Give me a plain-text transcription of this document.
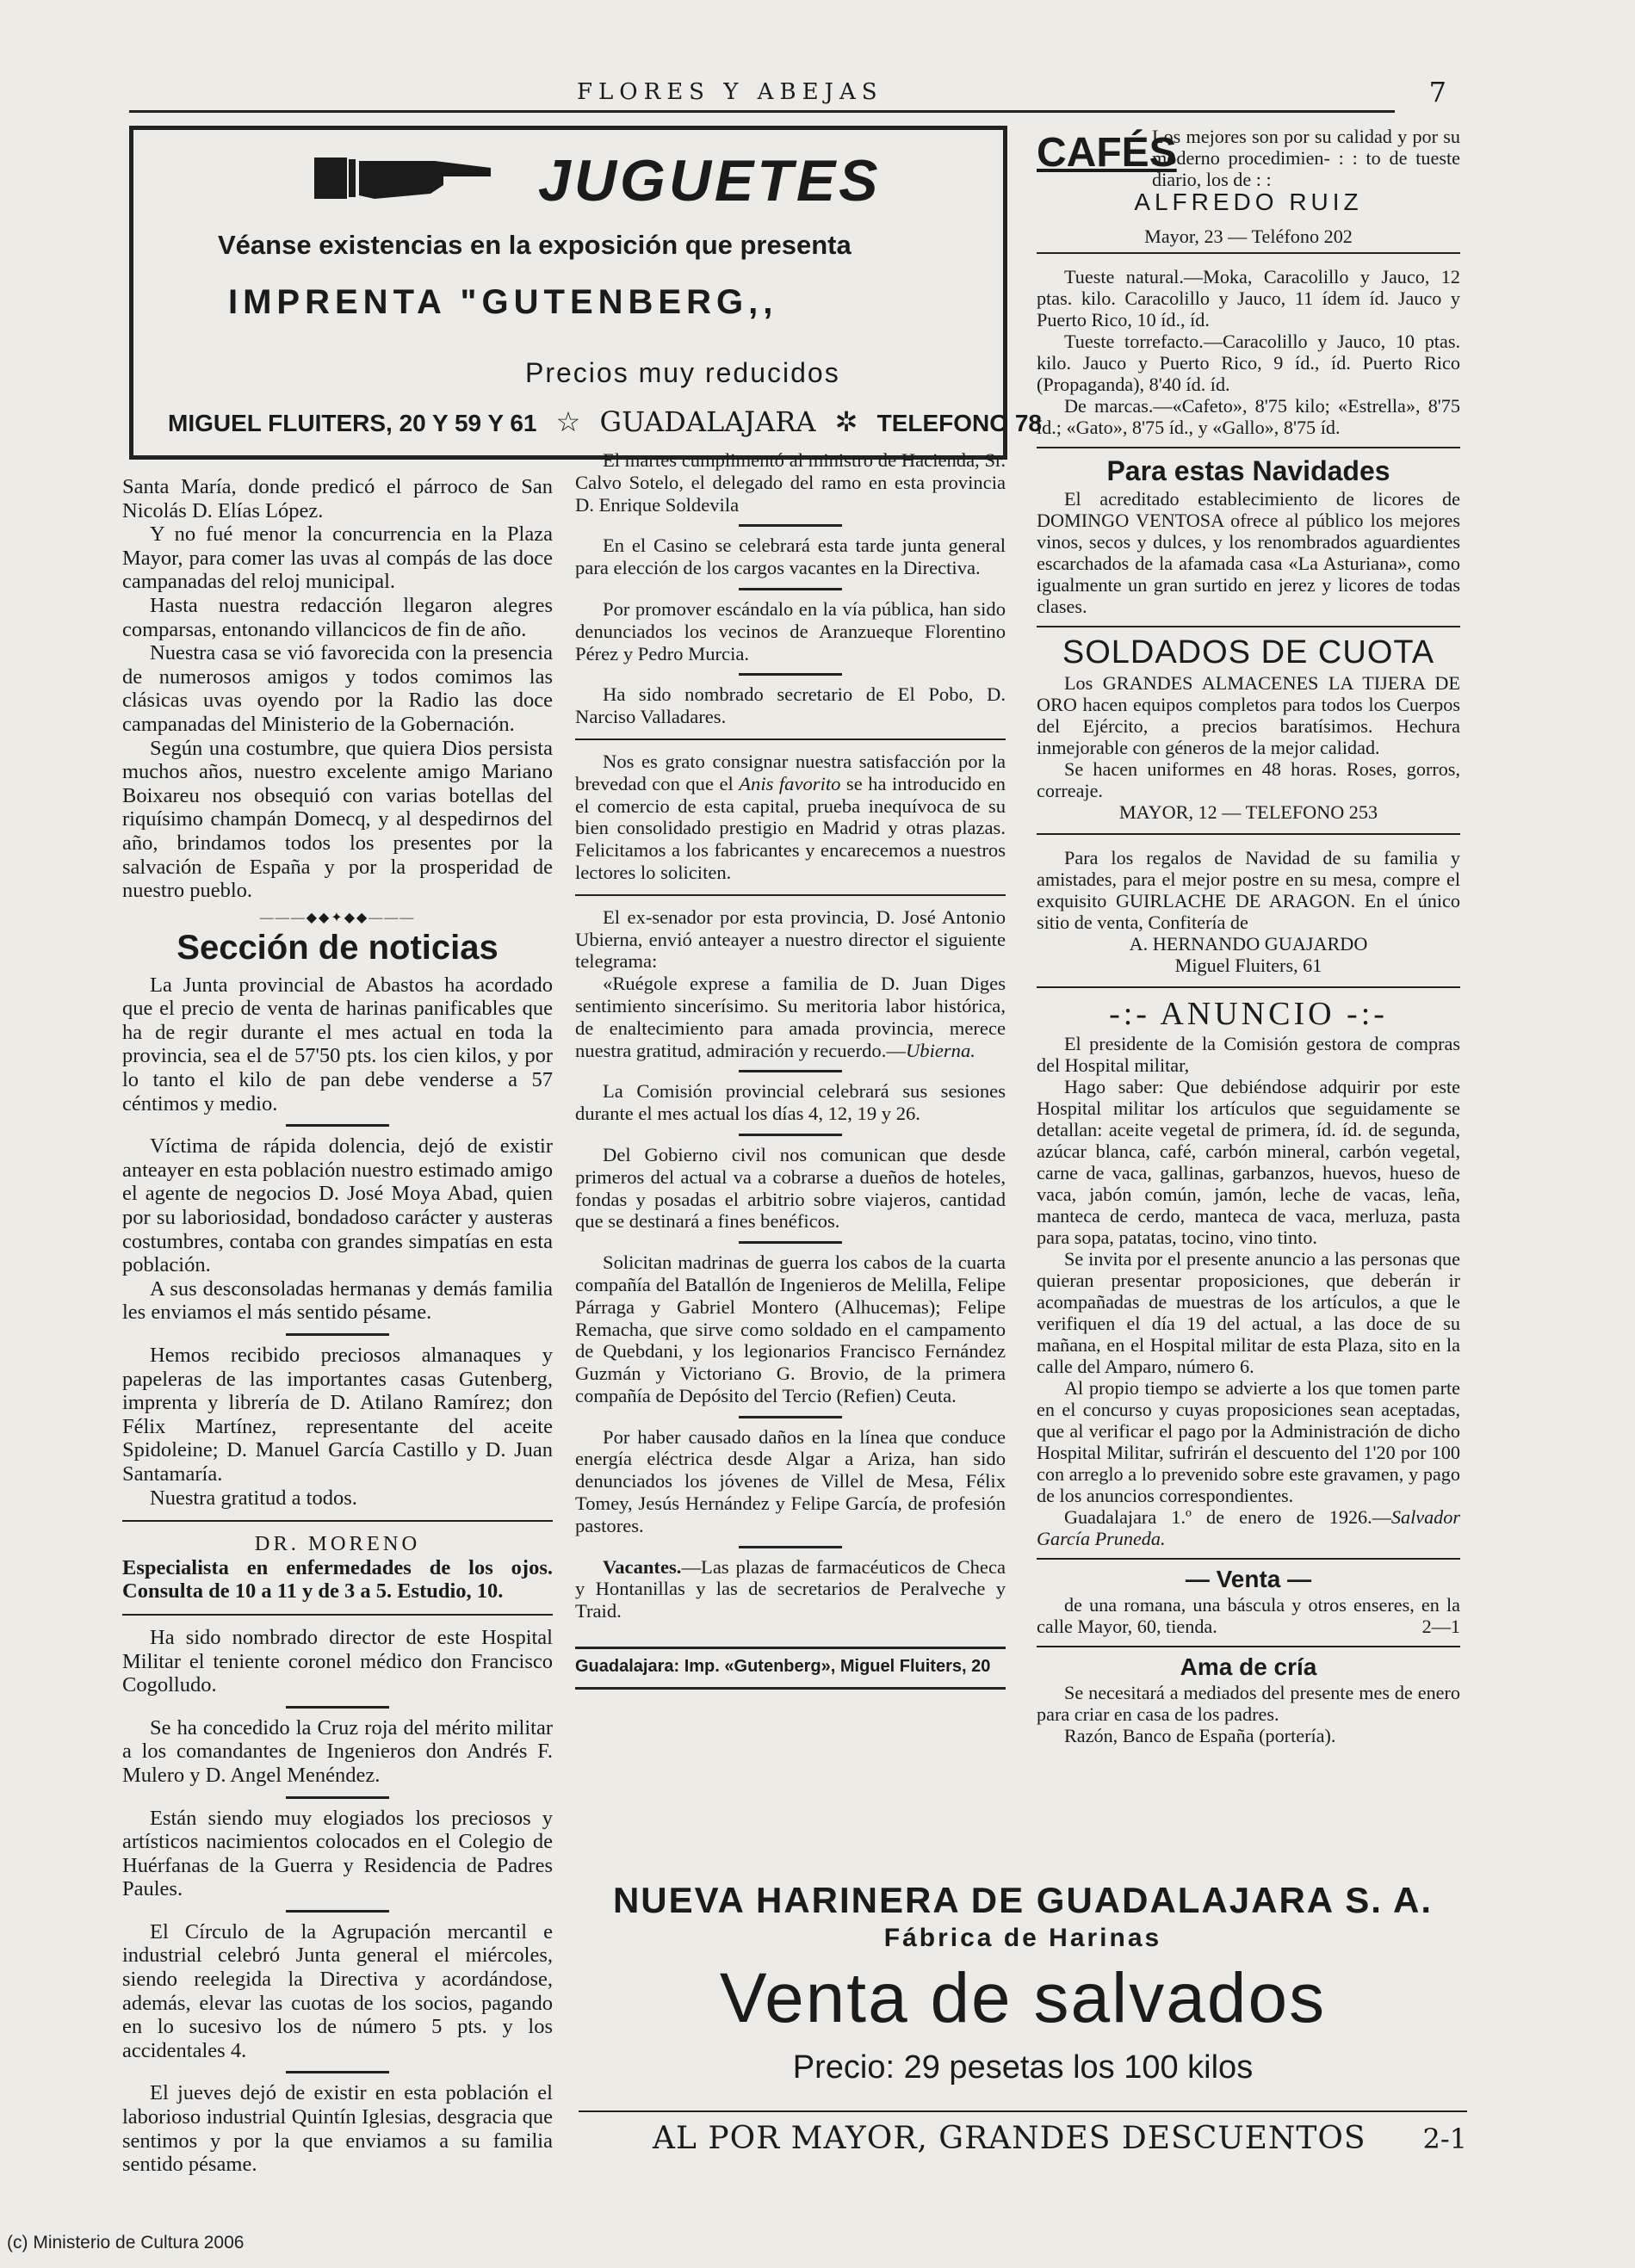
FLORES Y ABEJAS	7
JUGUETES
Véanse existencias en la exposición que presenta
IMPRENTA "GUTENBERG,,
Precios muy reducidos
MIGUEL FLUITERS, 20 Y 59 Y 61 ☆ GUADALAJARA ✲ TELEFONO 78

Santa María, donde predicó el párroco de San Nicolás D. Elías López.

Y no fué menor la concurrencia en la Plaza Mayor, para comer las uvas al compás de las doce campanadas del reloj municipal.

Hasta nuestra redacción llegaron alegres comparsas, entonando villancicos de fin de año.

Nuestra casa se vió favorecida con la presencia de numerosos amigos y todos comimos las clásicas uvas oyendo por la Radio las doce campanadas del Ministerio de la Gobernación.

Según una costumbre, que quiera Dios persista muchos años, nuestro excelente amigo Mariano Boixareu nos obsequió con varias botellas del riquísimo champán Domecq, y al despedirnos del año, brindamos todos los presentes por la salvación de España y por la prosperidad de nuestro pueblo.

———◆◆✦◆◆———
Sección de noticias

La Junta provincial de Abastos ha acordado que el precio de venta de harinas panificables que ha de regir durante el mes actual en toda la provincia, sea el de 57'50 pts. los cien kilos, y por lo tanto el kilo de pan debe venderse a 57 céntimos y medio.

Víctima de rápida dolencia, dejó de existir anteayer en esta población nuestro estimado amigo el agente de negocios D. José Moya Abad, quien por su laboriosidad, bondadoso carácter y austeras costumbres, contaba con grandes simpatías en esta población.

A sus desconsoladas hermanas y demás familia les enviamos el más sentido pésame.

Hemos recibido preciosos almanaques y papeleras de las importantes casas Gutenberg, imprenta y librería de D. Atilano Ramírez; don Félix Martínez, representante del aceite Spidoleine; D. Manuel García Castillo y D. Juan Santamaría.

Nuestra gratitud a todos.

DR. MORENO

Especialista en enfermedades de los ojos. Consulta de 10 a 11 y de 3 a 5. Estudio, 10.

Ha sido nombrado director de este Hospital Militar el teniente coronel médico don Francisco Cogolludo.

Se ha concedido la Cruz roja del mérito militar a los comandantes de Ingenieros don Andrés F. Mulero y D. Angel Menéndez.

Están siendo muy elogiados los preciosos y artísticos nacimientos colocados en el Colegio de Huérfanas de la Guerra y Residencia de Padres Paules.

El Círculo de la Agrupación mercantil e industrial celebró Junta general el miércoles, siendo reelegida la Directiva y acordándose, además, elevar las cuotas de los socios, pagando en lo sucesivo los de número 5 pts. y los accidentales 4.

El jueves dejó de existir en esta población el laborioso industrial Quintín Iglesias, desgracia que sentimos y por la que enviamos a su familia sentido pésame.

El martes cumplimentó al ministro de Hacienda, Sr. Calvo Sotelo, el delegado del ramo en esta provincia D. Enrique Soldevila

En el Casino se celebrará esta tarde junta general para elección de los cargos vacantes en la Directiva.

Por promover escándalo en la vía pública, han sido denunciados los vecinos de Aranzueque Florentino Pérez y Pedro Murcia.

Ha sido nombrado secretario de El Pobo, D. Narciso Valladares.

Nos es grato consignar nuestra satisfacción por la brevedad con que el Anis favorito se ha introducido en el comercio de esta capital, prueba inequívoca de su bien consolidado prestigio en Madrid y otras plazas. Felicitamos a los fabricantes y encarecemos a nuestros lectores lo soliciten.

El ex-senador por esta provincia, D. José Antonio Ubierna, envió anteayer a nuestro director el siguiente telegrama:

«Ruégole exprese a familia de D. Juan Diges sentimiento sincerísimo. Su meritoria labor histórica, de enaltecimiento para amada provincia, merece nuestra gratitud, admiración y recuerdo.—Ubierna.

La Comisión provincial celebrará sus sesiones durante el mes actual los días 4, 12, 19 y 26.

Del Gobierno civil nos comunican que desde primeros del actual va a cobrarse a dueños de hoteles, fondas y posadas el arbitrio sobre viajeros, cantidad que se destinará a fines benéficos.

Solicitan madrinas de guerra los cabos de la cuarta compañía del Batallón de Ingenieros de Melilla, Felipe Párraga y Gabriel Montero (Alhucemas); Felipe Remacha, que sirve como soldado en el campamento de Quebdani, y los legionarios Francisco Fernández Guzmán y Victoriano G. Brovio, de la primera compañía de Depósito del Tercio (Refien) Ceuta.

Por haber causado daños en la línea que conduce energía eléctrica desde Algar a Ariza, han sido denunciados los jóvenes de Villel de Mesa, Félix Tomey, Jesús Hernández y Felipe García, de profesión pastores.

Vacantes.—Las plazas de farmacéuticos de Checa y Hontanillas y las de secretarios de Peralveche y Traid.

Guadalajara: Imp. «Gutenberg», Miguel Fluiters, 20
CAFÉS
Los mejores son por su calidad y por su moderno procedimien- : : to de tueste diario, los de : :
ALFREDO RUIZ
Mayor, 23 — Teléfono 202

Tueste natural.—Moka, Caracolillo y Jauco, 12 ptas. kilo. Caracolillo y Jauco, 11 ídem íd. Jauco y Puerto Rico, 10 íd., íd.

Tueste torrefacto.—Caracolillo y Jauco, 10 ptas. kilo. Jauco y Puerto Rico, 9 íd., íd. Puerto Rico (Propaganda), 8'40 íd. íd.

De marcas.—«Cafeto», 8'75 kilo; «Estrella», 8'75 íd.; «Gato», 8'75 íd., y «Gallo», 8'75 íd.

Para estas Navidades

El acreditado establecimiento de licores de DOMINGO VENTOSA ofrece al público los mejores vinos, secos y dulces, y los renombrados aguardientes escarchados de la afamada casa «La Asturiana», como igualmente un gran surtido en jerez y licores de todas clases.

SOLDADOS DE CUOTA

Los GRANDES ALMACENES LA TIJERA DE ORO hacen equipos completos para todos los Cuerpos del Ejército, a precios baratísimos. Hechura inmejorable con géneros de la mejor calidad.

Se hacen uniformes en 48 horas. Roses, gorros, correaje.

MAYOR, 12 — TELEFONO 253

Para los regalos de Navidad de su familia y amistades, para el mejor postre en su mesa, compre el exquisito GUIRLACHE DE ARAGON. En el único sitio de venta, Confitería de

A. HERNANDO GUAJARDO
Miguel Fluiters, 61
-:- ANUNCIO -:-

El presidente de la Comisión gestora de compras del Hospital militar,

Hago saber: Que debiéndose adquirir por este Hospital militar los artículos que seguidamente se detallan: aceite vegetal de primera, íd. íd. de segunda, azúcar blanca, café, carbón mineral, carbón vegetal, carne de vaca, gallinas, garbanzos, huevos, hueso de vaca, jabón común, jamón, leche de vacas, leña, manteca de cerdo, manteca de vaca, merluza, pasta para sopa, patatas, tocino, vino tinto.

Se invita por el presente anuncio a las personas que quieran presentar proposiciones, que deberán ir acompañadas de muestras de los artículos, a que le verifiquen el día 19 del actual, a las doce de su mañana, en el Hospital militar de esta Plaza, sito en la calle del Amparo, número 6.

Al propio tiempo se advierte a los que tomen parte en el concurso y cuyas proposiciones sean aceptadas, que al verificar el pago por la Administración de dicho Hospital Militar, sufrirán el descuento del 1'20 por 100 con arreglo a lo prevenido sobre este gravamen, y pago de los anuncios correspondientes.

Guadalajara 1.º de enero de 1926.—Salvador García Pruneda.

— Venta —

de una romana, una báscula y otros enseres, en la calle Mayor, 60, tienda.	2—1

Ama de cría

Se necesitará a mediados del presente mes de enero para criar en casa de los padres.

Razón, Banco de España (portería).

NUEVA HARINERA DE GUADALAJARA S. A.
Fábrica de Harinas
Venta de salvados
Precio: 29 pesetas los 100 kilos
AL POR MAYOR, GRANDES DESCUENTOS 2-1
(c) Ministerio de Cultura 2006
